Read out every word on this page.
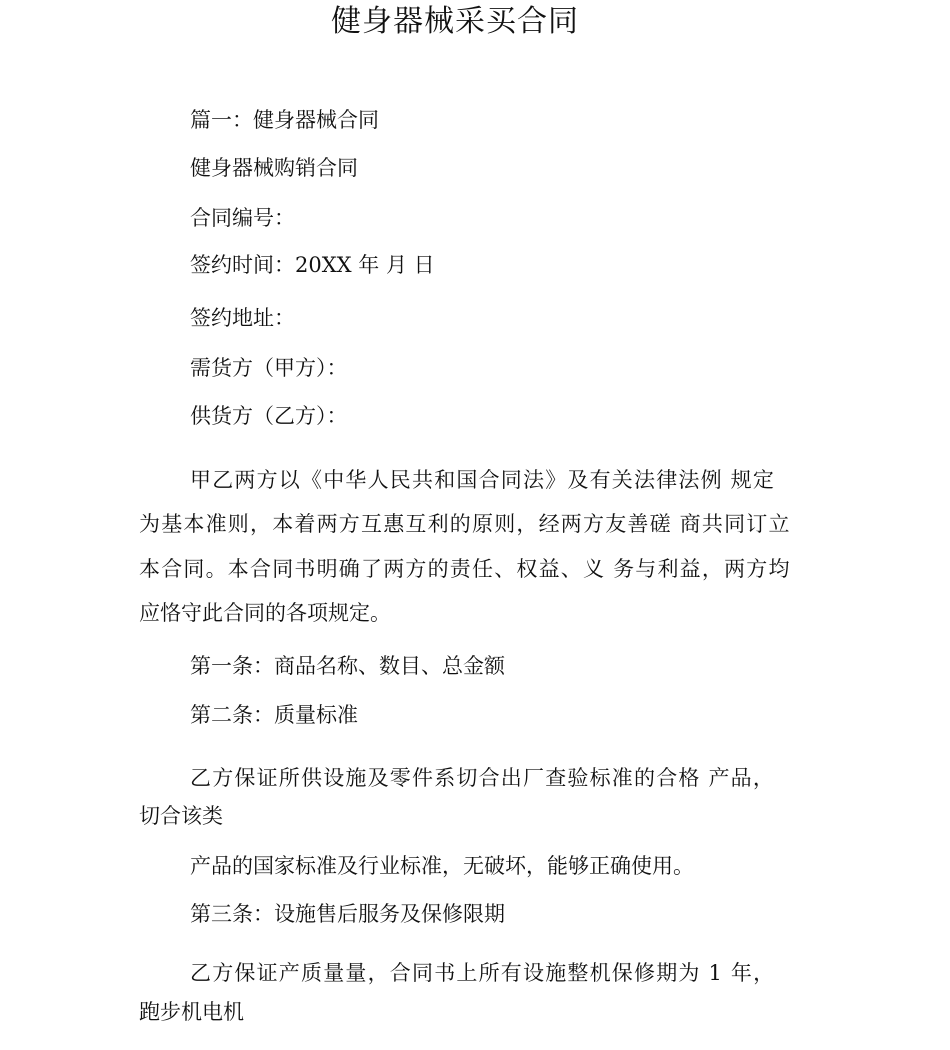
健身器械采买合同
篇一：健身器械合同
健身器械购销合同
合同编号：
签约时间：20XX 年 月 日
签约地址：
需货方（甲方）：
供货方（乙方）：
甲乙两方以《中华人民共和国合同法》及有关法律法例 规定
为基本准则，本着两方互惠互利的原则，经两方友善磋 商共同订立
本合同。本合同书明确了两方的责任、权益、义 务与利益，两方均
应恪守此合同的各项规定。
第一条：商品名称、数目、总金额
第二条：质量标准
乙方保证所供设施及零件系切合出厂查验标准的合格 产品，
切合该类
产品的国家标准及行业标准，无破坏，能够正确使用。
第三条：设施售后服务及保修限期
乙方保证产质量量，合同书上所有设施整机保修期为 1 年，
跑步机电机
